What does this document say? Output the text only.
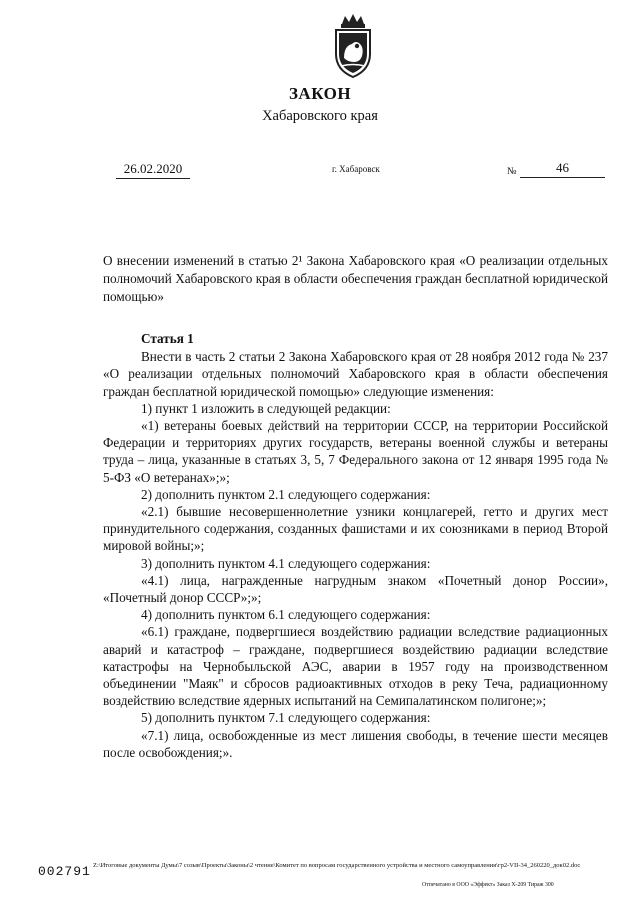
ЗАКОН
Хабаровского края
26.02.2020	г. Хабаровск	№	46
О внесении изменений в статью 2¹ Закона Хабаровского края «О реализации отдельных полномочий Хабаровского края в области обеспечения граждан бесплатной юридической помощью»
Статья 1

Внести в часть 2 статьи 2 Закона Хабаровского края от 28 ноября 2012 года № 237 «О реализации отдельных полномочий Хабаровского края в области обеспечения граждан бесплатной юридической помощью» следующие изменения:

1) пункт 1 изложить в следующей редакции:

«1) ветераны боевых действий на территории СССР, на территории Российской Федерации и территориях других государств, ветераны военной службы и ветераны труда – лица, указанные в статьях 3, 5, 7 Федерального закона от 12 января 1995 года № 5-ФЗ «О ветеранах»;»;

2) дополнить пунктом 2.1 следующего содержания:

«2.1) бывшие несовершеннолетние узники концлагерей, гетто и других мест принудительного содержания, созданных фашистами и их союзниками в период Второй мировой войны;»;

3) дополнить пунктом 4.1 следующего содержания:

«4.1) лица, награжденные нагрудным знаком «Почетный донор России», «Почетный донор СССР»;»;

4) дополнить пунктом 6.1 следующего содержания:

«6.1) граждане, подвергшиеся воздействию радиации вследствие радиационных аварий и катастроф – граждане, подвергшиеся воздействию радиации вследствие катастрофы на Чернобыльской АЭС, аварии в 1957 году на производственном объединении "Маяк" и сбросов радиоактивных отходов в реку Теча, радиационному воздействию вследствие ядерных испытаний на Семипалатинском полигоне;»;

5) дополнить пунктом 7.1 следующего содержания:

«7.1) лица, освобожденные из мест лишения свободы, в течение шести месяцев после освобождения;».

002791 Z:\Итоговые документы Думы\7 созыв\Проекты\Законы\2 чтение\Комитет по вопросам государственного устройства и местного самоуправления\гр2-VII-34_260220_док02.doc
Отпечатано в ООО «Эффект» Заказ Х-209 Тираж 300
